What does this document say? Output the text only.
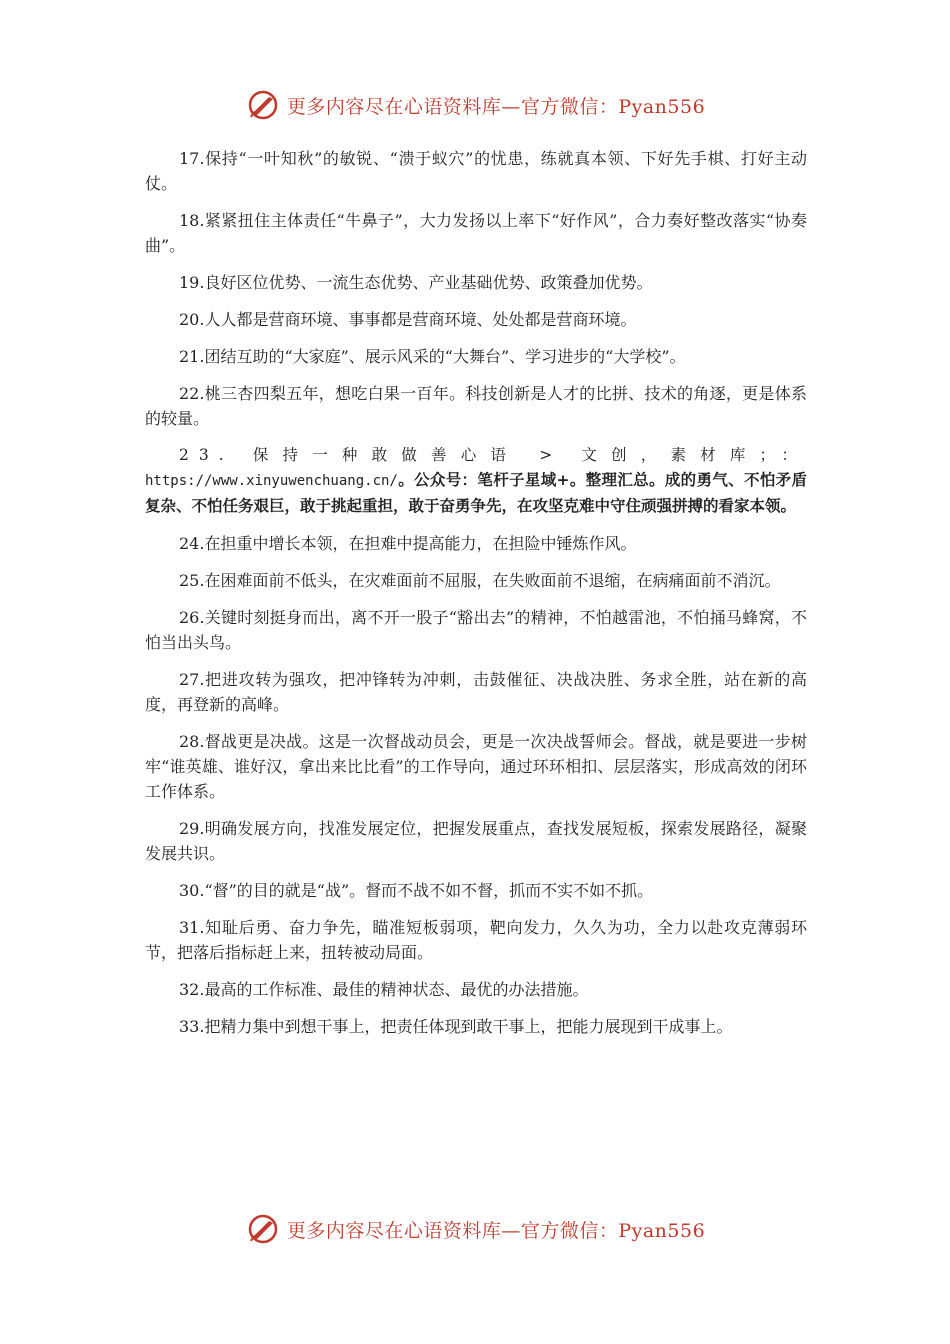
更多内容尽在心语资料库—官方微信：Pyan556

17.保持“一叶知秋”的敏锐、“溃于蚁穴”的忧患，练就真本领、下好先手棋、打好主动仗。

18.紧紧扭住主体责任“牛鼻子”，大力发扬以上率下“好作风”，合力奏好整改落实“协奏曲”。

19.良好区位优势、一流生态优势、产业基础优势、政策叠加优势。

20.人人都是营商环境、事事都是营商环境、处处都是营商环境。

21.团结互助的“大家庭”、展示风采的“大舞台”、学习进步的“大学校”。

22.桃三杏四梨五年，想吃白果一百年。科技创新是人才的比拼、技术的角逐，更是体系的较量。

23. 保持一种敢做善心语 > 文创，素材库；：https://www.xinyuwenchuang.cn/。公众号：笔杆子星域+。整理汇总。成的勇气、不怕矛盾复杂、不怕任务艰巨，敢于挑起重担，敢于奋勇争先，在攻坚克难中守住顽强拼搏的看家本领。

24.在担重中增长本领，在担难中提高能力，在担险中锤炼作风。

25.在困难面前不低头，在灾难面前不屈服，在失败面前不退缩，在病痛面前不消沉。

26.关键时刻挺身而出，离不开一股子“豁出去”的精神，不怕越雷池，不怕捅马蜂窝，不怕当出头鸟。

27.把进攻转为强攻，把冲锋转为冲刺，击鼓催征、决战决胜、务求全胜，站在新的高度，再登新的高峰。

28.督战更是决战。这是一次督战动员会，更是一次决战誓师会。督战，就是要进一步树牢“谁英雄、谁好汉，拿出来比比看”的工作导向，通过环环相扣、层层落实，形成高效的闭环工作体系。

29.明确发展方向，找准发展定位，把握发展重点，查找发展短板，探索发展路径，凝聚发展共识。

30.“督”的目的就是“战”。督而不战不如不督，抓而不实不如不抓。

31.知耻后勇、奋力争先，瞄准短板弱项，靶向发力，久久为功，全力以赴攻克薄弱环节，把落后指标赶上来，扭转被动局面。

32.最高的工作标准、最佳的精神状态、最优的办法措施。

33.把精力集中到想干事上，把责任体现到敢干事上，把能力展现到干成事上。

更多内容尽在心语资料库—官方微信：Pyan556
